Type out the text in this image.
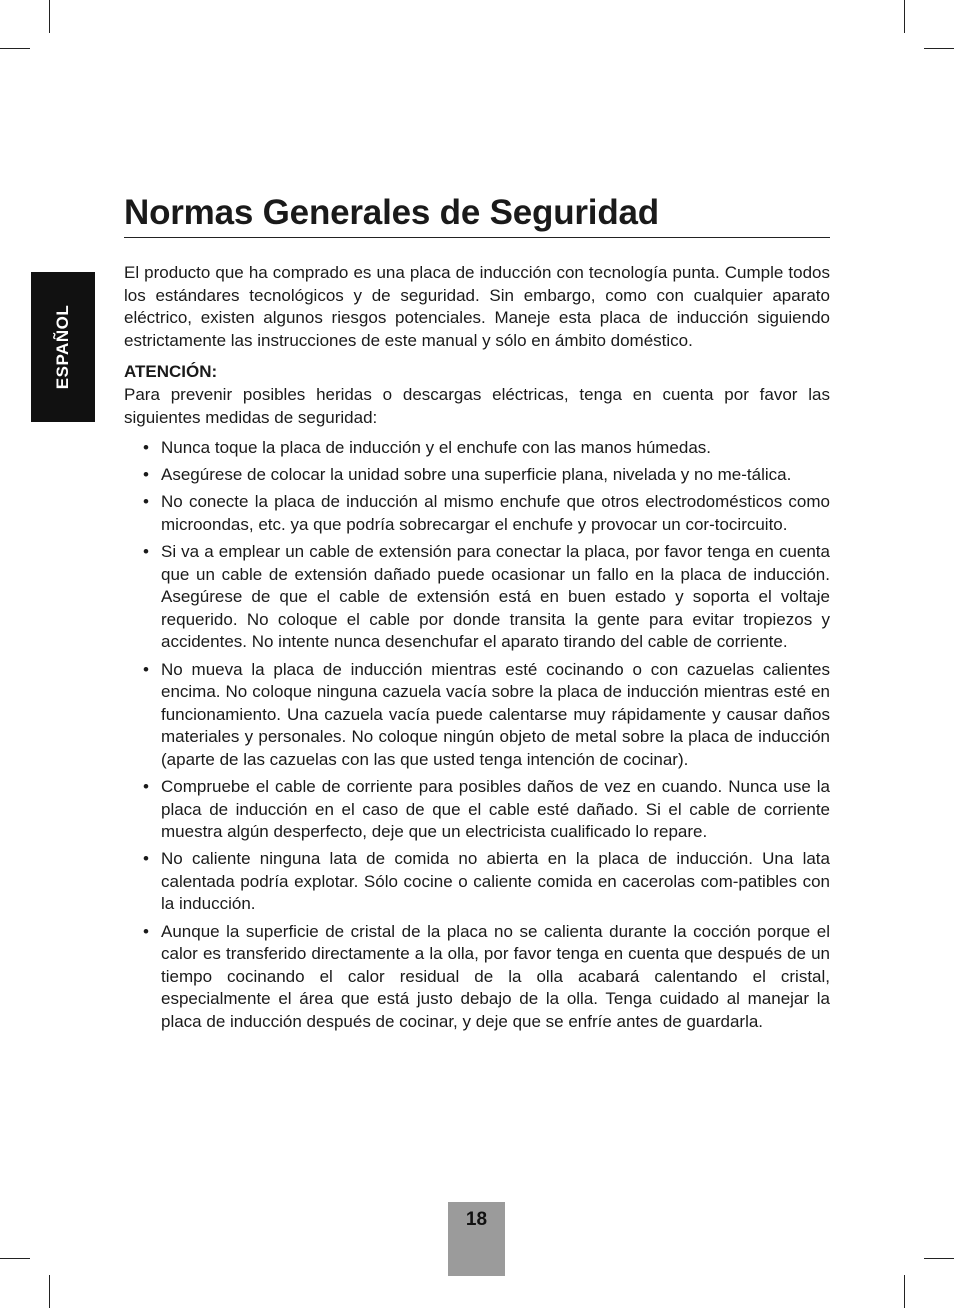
ESPAÑOL
Normas Generales de Seguridad

El producto que ha comprado es una placa de inducción con tecnología punta. Cumple todos los estándares tecnológicos y de seguridad. Sin embargo, como con cualquier aparato eléctrico, existen algunos riesgos potenciales. Maneje esta placa de inducción siguiendo estrictamente las instrucciones de este manual y sólo en ámbito doméstico.

ATENCIÓN:

Para prevenir posibles heridas o descargas eléctricas, tenga en cuenta por favor las siguientes medidas de seguridad:

• Nunca toque la placa de inducción y el enchufe con las manos húmedas.
• Asegúrese de colocar la unidad sobre una superficie plana, nivelada y no me-tálica.
• No conecte la placa de inducción al mismo enchufe que otros electrodomésticos como microondas, etc. ya que podría sobrecargar el enchufe y provocar un cor-tocircuito.
• Si va a emplear un cable de extensión para conectar la placa, por favor tenga en cuenta que un cable de extensión dañado puede ocasionar un fallo en la placa de inducción. Asegúrese de que el cable de extensión está en buen estado y soporta el voltaje requerido. No coloque el cable por donde transita la gente para evitar tropiezos y accidentes. No intente nunca desenchufar el aparato tirando del cable de corriente.
• No mueva la placa de inducción mientras esté cocinando o con cazuelas calientes encima. No coloque ninguna cazuela vacía sobre la placa de inducción mientras esté en funcionamiento. Una cazuela vacía puede calentarse muy rápidamente y causar daños materiales y personales. No coloque ningún objeto de metal sobre la placa de inducción (aparte de las cazuelas con las que usted tenga intención de cocinar).
• Compruebe el cable de corriente para posibles daños de vez en cuando. Nunca use la placa de inducción en el caso de que el cable esté dañado. Si el cable de corriente muestra algún desperfecto, deje que un electricista cualificado lo repare.
• No caliente ninguna lata de comida no abierta en la placa de inducción. Una lata calentada podría explotar. Sólo cocine o caliente comida en cacerolas com-patibles con la inducción.
• Aunque la superficie de cristal de la placa no se calienta durante la cocción porque el calor es transferido directamente a la olla, por favor tenga en cuenta que después de un tiempo cocinando el calor residual de la olla acabará calentando el cristal, especialmente el área que está justo debajo de la olla. Tenga cuidado al manejar la placa de inducción después de cocinar, y deje que se enfríe antes de guardarla.
18
